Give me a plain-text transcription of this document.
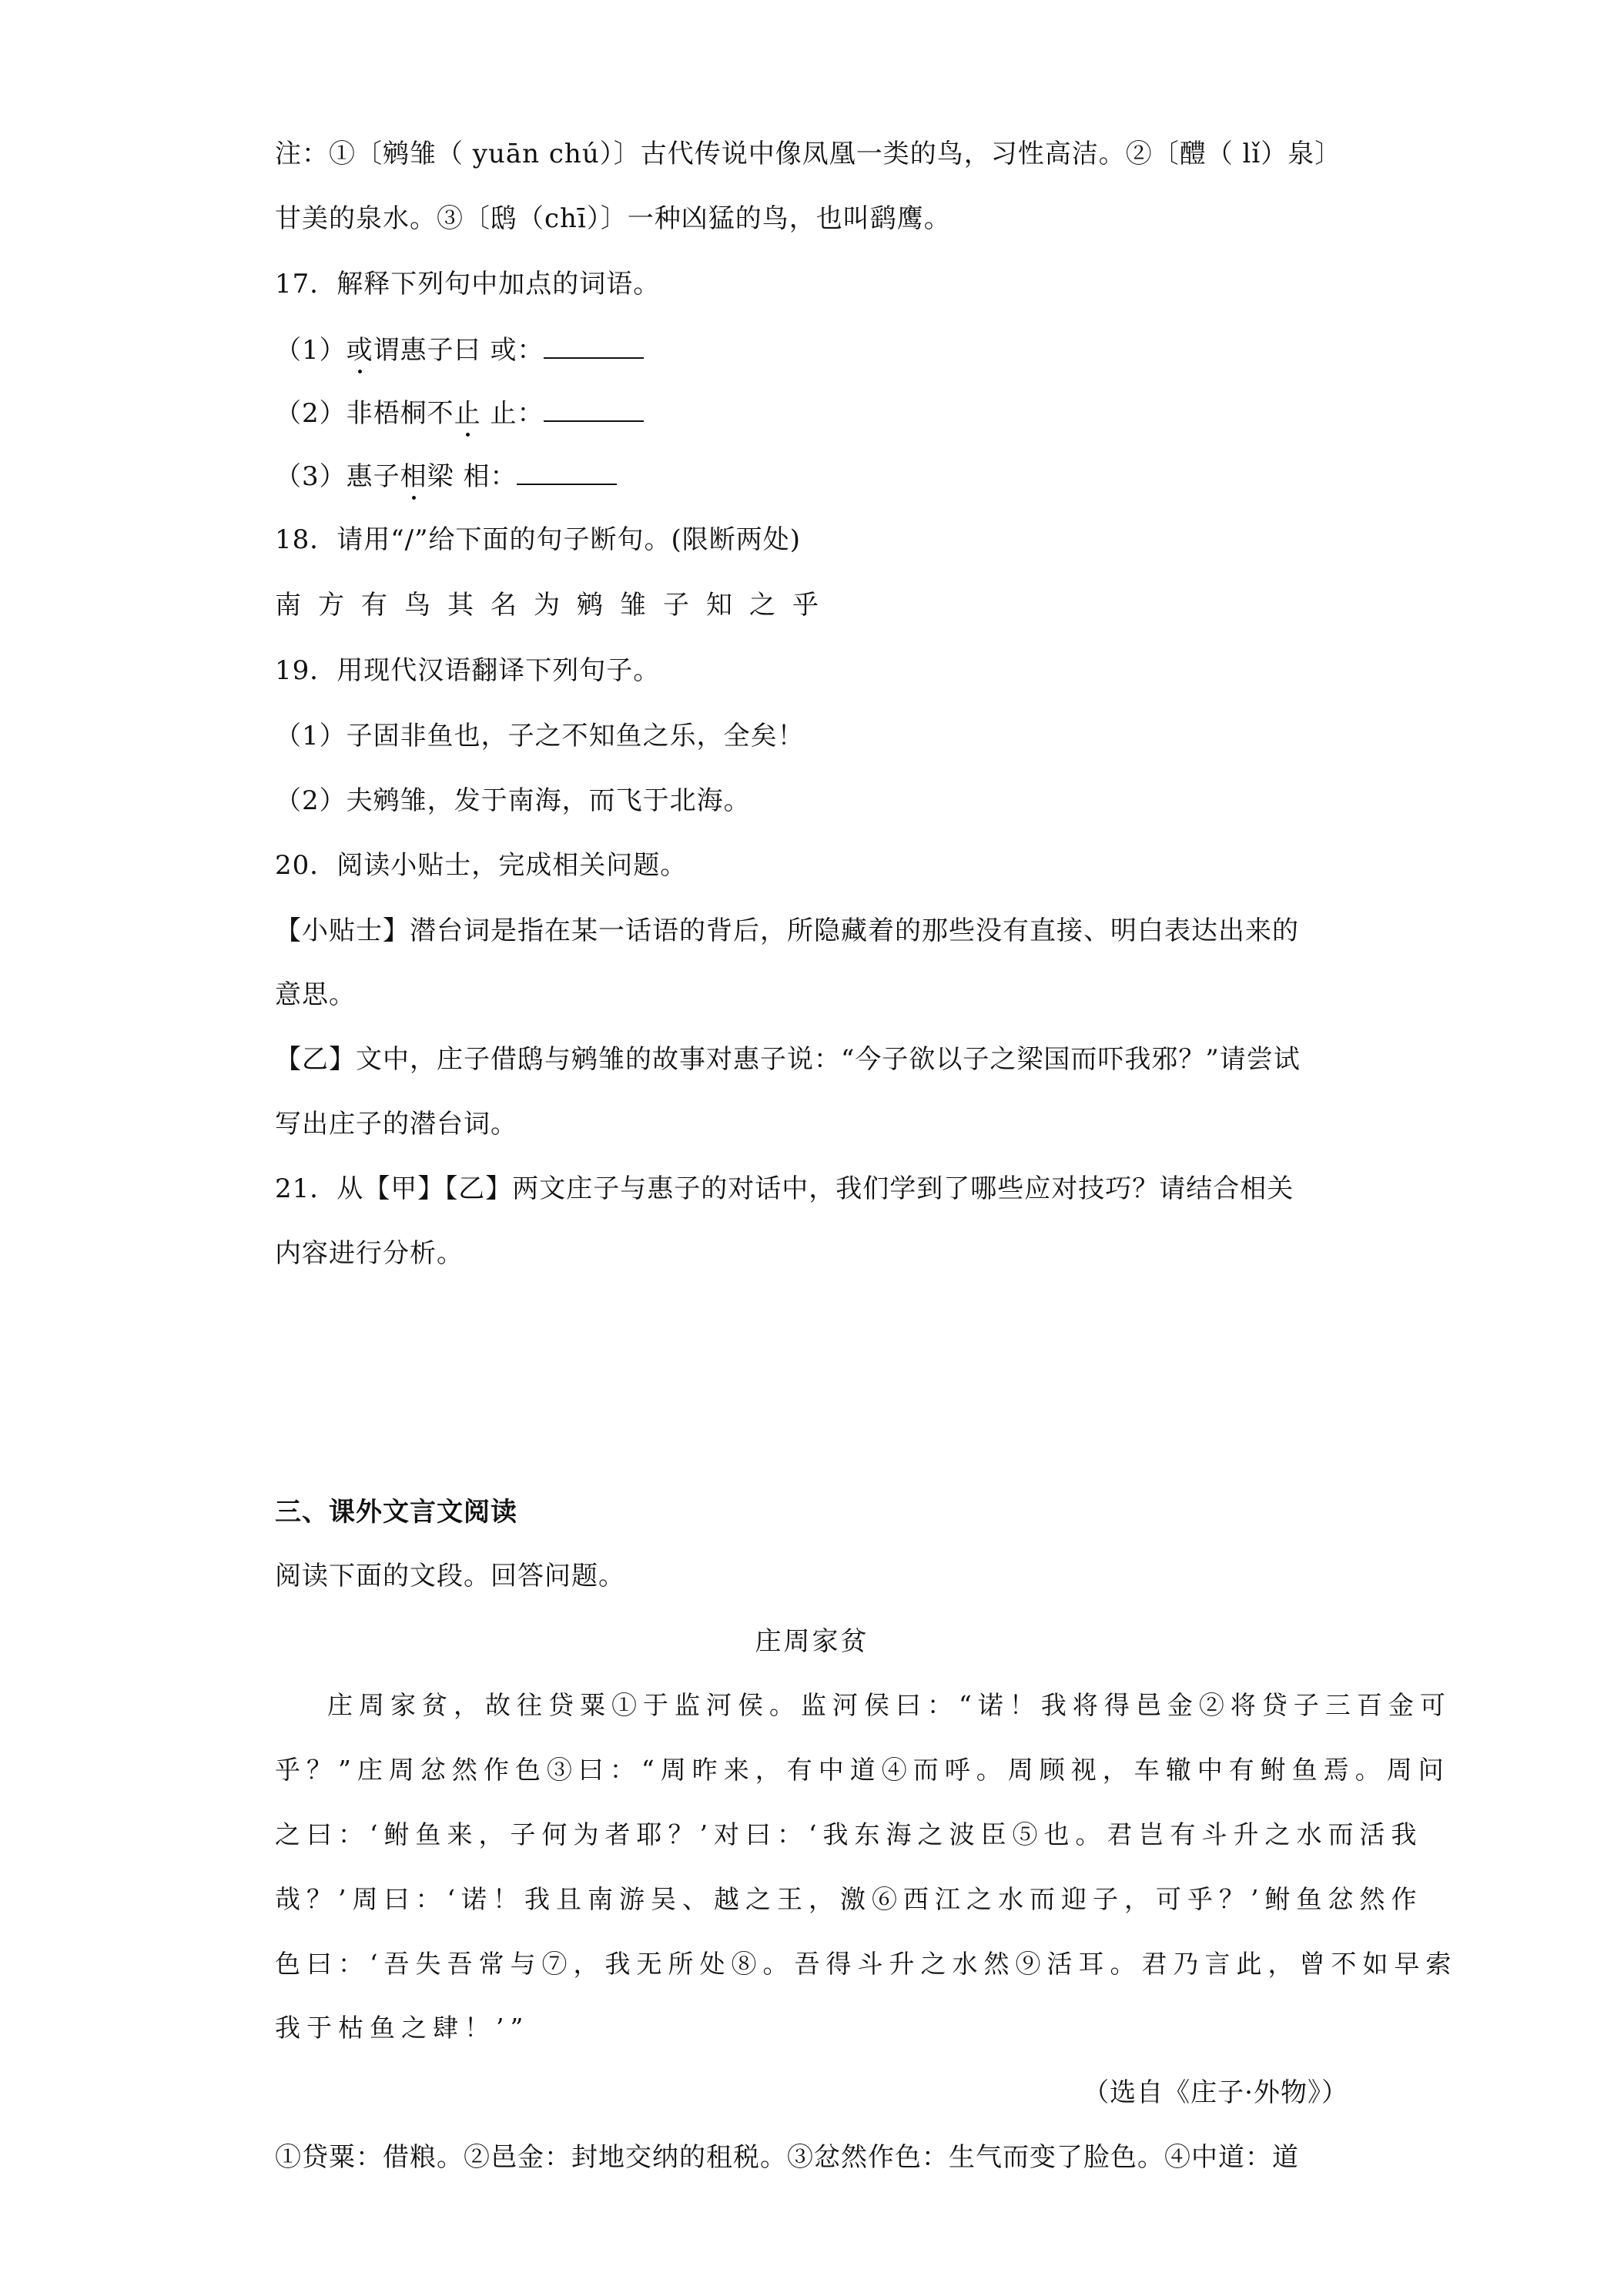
注：①〔鹓雏（ yuān chú）〕古代传说中像凤凰一类的鸟，习性高洁。②〔醴（ lǐ）泉〕
甘美的泉水。③〔鸱（chī）〕一种凶猛的鸟，也叫鹞鹰。
17．解释下列句中加点的词语。
（1）或谓惠子曰 或：
（2）非梧桐不止 止：
（3）惠子相梁 相：
18．请用“/”给下面的句子断句。(限断两处)
南方有鸟其名为鹓雏子知之乎
19．用现代汉语翻译下列句子。
（1）子固非鱼也，子之不知鱼之乐，全矣！
（2）夫鹓雏，发于南海，而飞于北海。
20．阅读小贴士，完成相关问题。
【小贴士】潜台词是指在某一话语的背后，所隐藏着的那些没有直接、明白表达出来的
意思。
【乙】文中，庄子借鸱与鹓雏的故事对惠子说：“今子欲以子之梁国而吓我邪？”请尝试
写出庄子的潜台词。
21．从【甲】【乙】两文庄子与惠子的对话中，我们学到了哪些应对技巧？请结合相关
内容进行分析。
三、课外文言文阅读
阅读下面的文段。回答问题。
庄周家贫
庄周家贫，故往贷粟①于监河侯。监河侯曰：“诺！我将得邑金②将贷子三百金可
乎？”庄周忿然作色③曰：“周昨来，有中道④而呼。周顾视，车辙中有鲋鱼焉。周问
之曰：‘鲋鱼来，子何为者耶？’对曰：‘我东海之波臣⑤也。君岂有斗升之水而活我
哉？’周曰：‘诺！我且南游吴、越之王，激⑥西江之水而迎子，可乎？’鲋鱼忿然作
色曰：‘吾失吾常与⑦，我无所处⑧。吾得斗升之水然⑨活耳。君乃言此，曾不如早索
我于枯鱼之肆！’”
（选自《庄子·外物》）
①贷粟：借粮。②邑金：封地交纳的租税。③忿然作色：生气而变了脸色。④中道：道
